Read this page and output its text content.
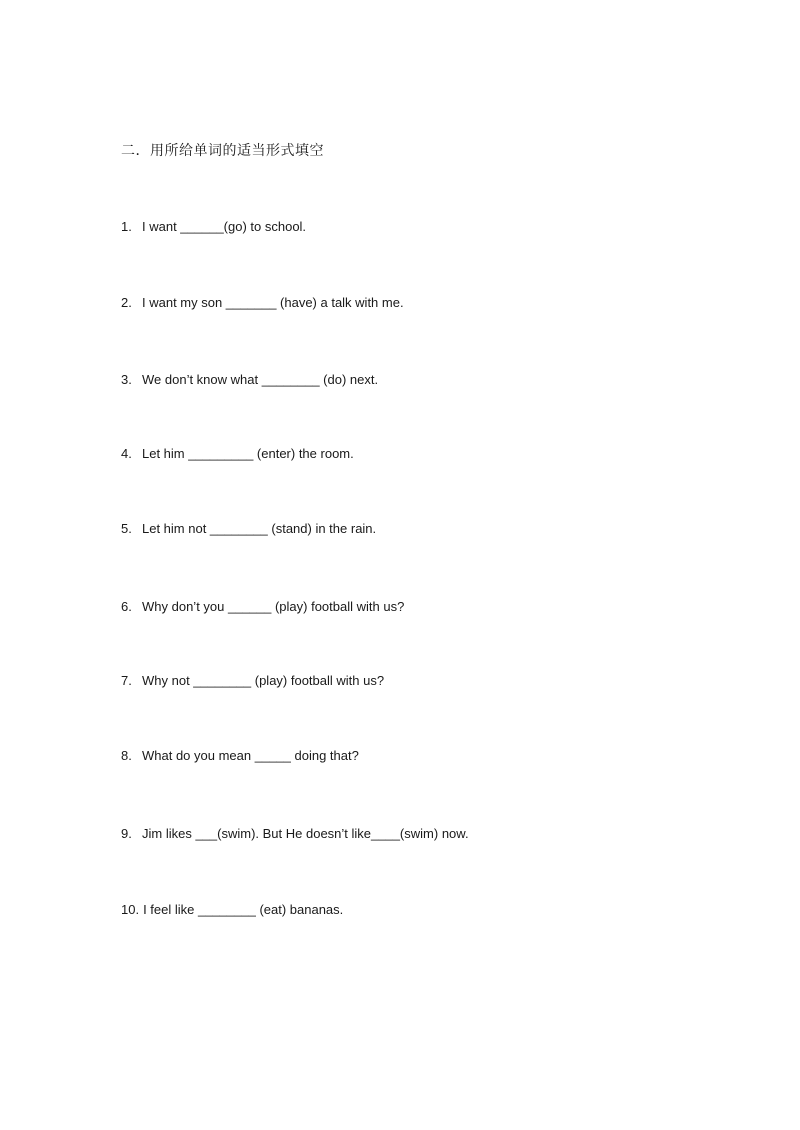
二．用所给单词的适当形式填空
1. I want ______(go) to school.
2. I want my son _______ (have) a talk with me.
3. We don’t know what ________ (do) next.
4. Let him _________ (enter) the room.
5. Let him not ________ (stand) in the rain.
6. Why don’t you ______ (play) football with us?
7. Why not ________ (play) football with us?
8. What do you mean _____ doing that?
9. Jim likes ___(swim). But He doesn’t like____(swim) now.
10. I feel like ________ (eat) bananas.
